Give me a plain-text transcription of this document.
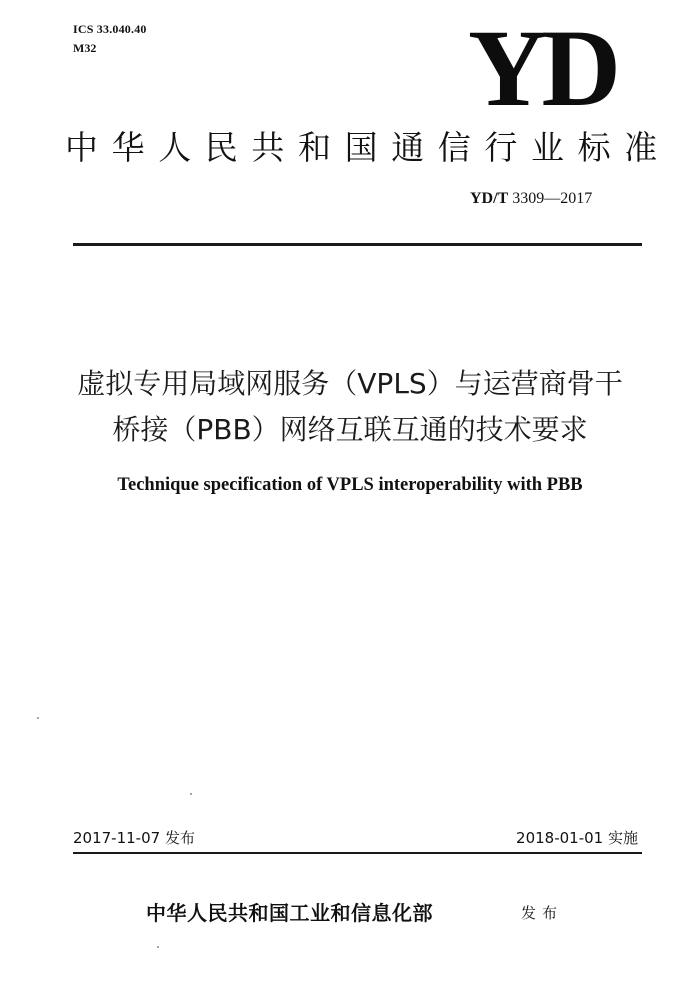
ICS 33.040.40
M32	YD
中华人民共和国通信行业标准
YD/T 3309—2017
虚拟专用局域网服务（VPLS）与运营商骨干
桥接（PBB）网络互联互通的技术要求
Technique specification of VPLS interoperability with PBB
2017-11-07 发布	2018-01-01 实施
中华人民共和国工业和信息化部	发布
